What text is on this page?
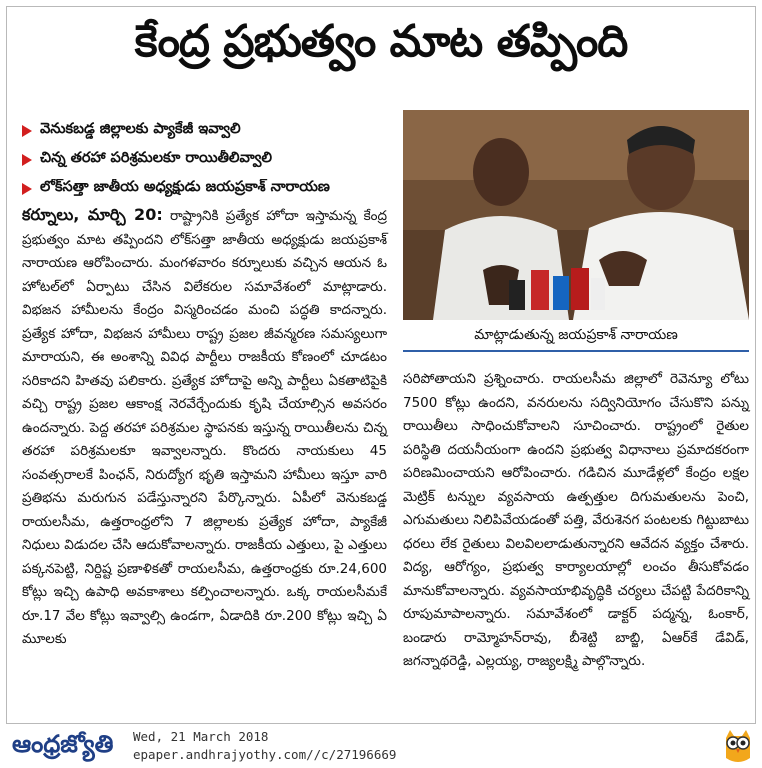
కేంద్ర ప్రభుత్వం మాట తప్పింది
వెనుకబడ్డ జిల్లాలకు ప్యాకేజీ ఇవ్వాలి
చిన్న తరహా పరిశ్రమలకూ రాయితీలివ్వాలి
లోక్‌సత్తా జాతీయ అధ్యక్షుడు జయప్రకాశ్ నారాయణ

కర్నూలు, మార్చి 20: రాష్ట్రానికి ప్రత్యేక హోదా ఇస్తామన్న కేంద్ర ప్రభుత్వం మాట తప్పిందని లోక్‌సత్తా జాతీయ అధ్యక్షుడు జయప్రకాశ్ నారాయణ ఆరోపించారు. మంగళవారం కర్నూలుకు వచ్చిన ఆయన ఓ హోటల్‌లో ఏర్పాటు చేసిన విలేకరుల సమావేశంలో మాట్లాడారు. విభజన హామీలను కేంద్రం విస్మరించడం మంచి పద్ధతి కాదన్నారు. ప్రత్యేక హోదా, విభజన హామీలు రాష్ట్ర ప్రజల జీవన్మరణ సమస్యలుగా మారాయని, ఈ అంశాన్ని వివిధ పార్టీలు రాజకీయ కోణంలో చూడటం సరికాదని హితవు పలికారు. ప్రత్యేక హోదాపై అన్ని పార్టీలు ఏకతాటిపైకి వచ్చి రాష్ట్ర ప్రజల ఆకాంక్ష నెరవేర్చేందుకు కృషి చేయాల్సిన అవసరం ఉందన్నారు. పెద్ద తరహా పరిశ్రమల స్థాపనకు ఇస్తున్న రాయితీలను చిన్న తరహా పరిశ్రమలకూ ఇవ్వాలన్నారు. కొందరు నాయకులు 45 సంవత్సరాలకే పింఛన్, నిరుద్యోగ భృతి ఇస్తామని హామీలు ఇస్తూ వారి ప్రతిభను మరుగున పడేస్తున్నారని పేర్కొన్నారు. ఏపీలో వెనుకబడ్డ రాయలసీమ, ఉత్తరాంధ్రలోని 7 జిల్లాలకు ప్రత్యేక హోదా, ప్యాకేజీ నిధులు విడుదల చేసి ఆదుకోవాలన్నారు. రాజకీయ ఎత్తులు, పై ఎత్తులు పక్కనపెట్టి, నిర్దిష్ట ప్రణాళికతో రాయలసీమ, ఉత్తరాంధ్రకు రూ.24,600 కోట్లు ఇచ్చి ఉపాధి అవకాశాలు కల్పించాలన్నారు. ఒక్క రాయలసీమకే రూ.17 వేల కోట్లు ఇవ్వాల్సి ఉండగా, ఏడాదికి రూ.200 కోట్లు ఇచ్చి ఏ మూలకు

మాట్లాడుతున్న జయప్రకాశ్ నారాయణ

సరిపోతాయని ప్రశ్నించారు. రాయలసీమ జిల్లాలో రెవెన్యూ లోటు 7500 కోట్లు ఉందని, వనరులను సద్వినియోగం చేసుకొని పన్ను రాయితీలు సాధించుకోవాలని సూచించారు. రాష్ట్రంలో రైతుల పరిస్థితి దయనీయంగా ఉందని ప్రభుత్వ విధానాలు ప్రమాదకరంగా పరిణమించాయని ఆరోపించారు. గడిచిన మూడేళ్లలో కేంద్రం లక్షల మెట్రిక్ టన్నుల వ్యవసాయ ఉత్పత్తుల దిగుమతులను పెంచి, ఎగుమతులు నిలిపివేయడంతో పత్తి, వేరుశెనగ పంటలకు గిట్టుబాటు ధరలు లేక రైతులు విలవిలలాడుతున్నారని ఆవేదన వ్యక్తం చేశారు. విద్య, ఆరోగ్యం, ప్రభుత్వ కార్యాలయాల్లో లంచం తీసుకోవడం మానుకోవాలన్నారు. వ్యవసాయాభివృద్ధికి చర్యలు చేపట్టి పేదరికాన్ని రూపుమాపాలన్నారు. సమావేశంలో డాక్టర్ పద్మన్న, ఓంకార్, బండారు రామ్మోహన్‌రావు, బీశెట్టి బాబ్జి, ఏఆర్‌కే డేవిడ్, జగన్నాథరెడ్డి, ఎల్లయ్య, రాజ్యలక్ష్మి పాల్గొన్నారు.

ఆంధ్రజ్యోతి Wed, 21 March 2018
epaper.andhrajyothy.com//c/27196669
